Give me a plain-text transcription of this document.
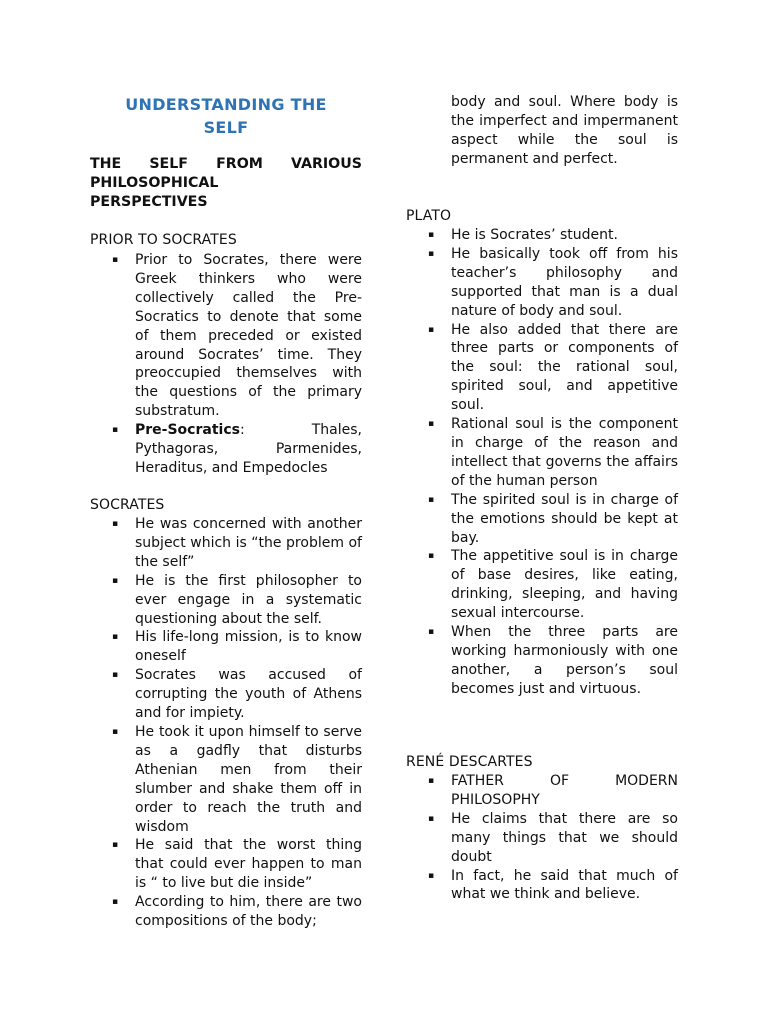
UNDERSTANDING THE
SELF
THE SELF FROM VARIOUS
PHILOSOPHICAL
PERSPECTIVES
PRIOR TO SOCRATES
▪ Prior to Socrates, there were Greek thinkers who were collectively called the Pre-Socratics to denote that some of them preceded or existed around Socrates’ time. They preoccupied themselves with the questions of the primary substratum.
▪ Pre-Socratics: Thales, Pythagoras, Parmenides, Heraditus, and Empedocles
SOCRATES
▪ He was concerned with another subject which is “the problem of the self”
▪ He is the first philosopher to ever engage in a systematic questioning about the self.
▪ His life-long mission, is to know oneself
▪ Socrates was accused of corrupting the youth of Athens and for impiety.
▪ He took it upon himself to serve as a gadfly that disturbs Athenian men from their slumber and shake them off in order to reach the truth and wisdom
▪ He said that the worst thing that could ever happen to man is “ to live but die inside”
▪ According to him, there are two compositions of the body;
body and soul. Where body is the imperfect and impermanent aspect while the soul is permanent and perfect.
PLATO
▪ He is Socrates’ student.
▪ He basically took off from his teacher’s philosophy and supported that man is a dual nature of body and soul.
▪ He also added that there are three parts or components of the soul: the rational soul, spirited soul, and appetitive soul.
▪ Rational soul is the component in charge of the reason and intellect that governs the affairs of the human person
▪ The spirited soul is in charge of the emotions should be kept at bay.
▪ The appetitive soul is in charge of base desires, like eating, drinking, sleeping, and having sexual intercourse.
▪ When the three parts are working harmoniously with one another, a person’s soul becomes just and virtuous.
RENÉ DESCARTES
▪ FATHER OF MODERN PHILOSOPHY
▪ He claims that there are so many things that we should doubt
▪ In fact, he said that much of what we think and believe.
